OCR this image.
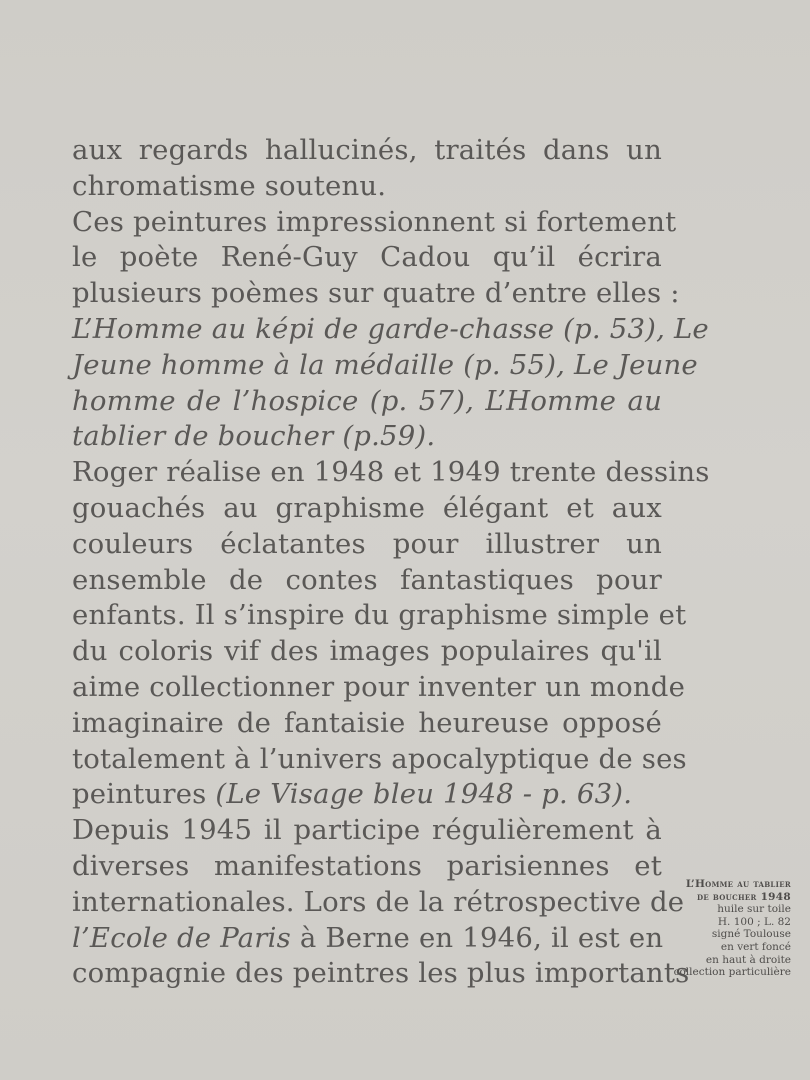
aux regards hallucinés, traités dans un
chromatisme soutenu.
Ces peintures impressionnent si fortement
le poète René-Guy Cadou qu’il écrira
plusieurs poèmes sur quatre d’entre elles :
L’Homme au képi de garde-chasse (p. 53), Le
Jeune homme à la médaille (p. 55), Le Jeune
homme de l’hospice (p. 57), L’Homme au
tablier de boucher (p.59).
Roger réalise en 1948 et 1949 trente dessins
gouachés au graphisme élégant et aux
couleurs éclatantes pour illustrer un
ensemble de contes fantastiques pour
enfants. Il s’inspire du graphisme simple et
du coloris vif des images populaires qu'il
aime collectionner pour inventer un monde
imaginaire de fantaisie heureuse opposé
totalement à l’univers apocalyptique de ses
peintures (Le Visage bleu 1948 - p. 63).
Depuis 1945 il participe régulièrement à
diverses manifestations parisiennes et
internationales. Lors de la rétrospective de
l’Ecole de Paris à Berne en 1946, il est en
compagnie des peintres les plus importants
L’Homme au tablier
de boucher 1948
huile sur toile
H. 100 ; L. 82
signé Toulouse
en vert foncé
en haut à droite
collection particulière
